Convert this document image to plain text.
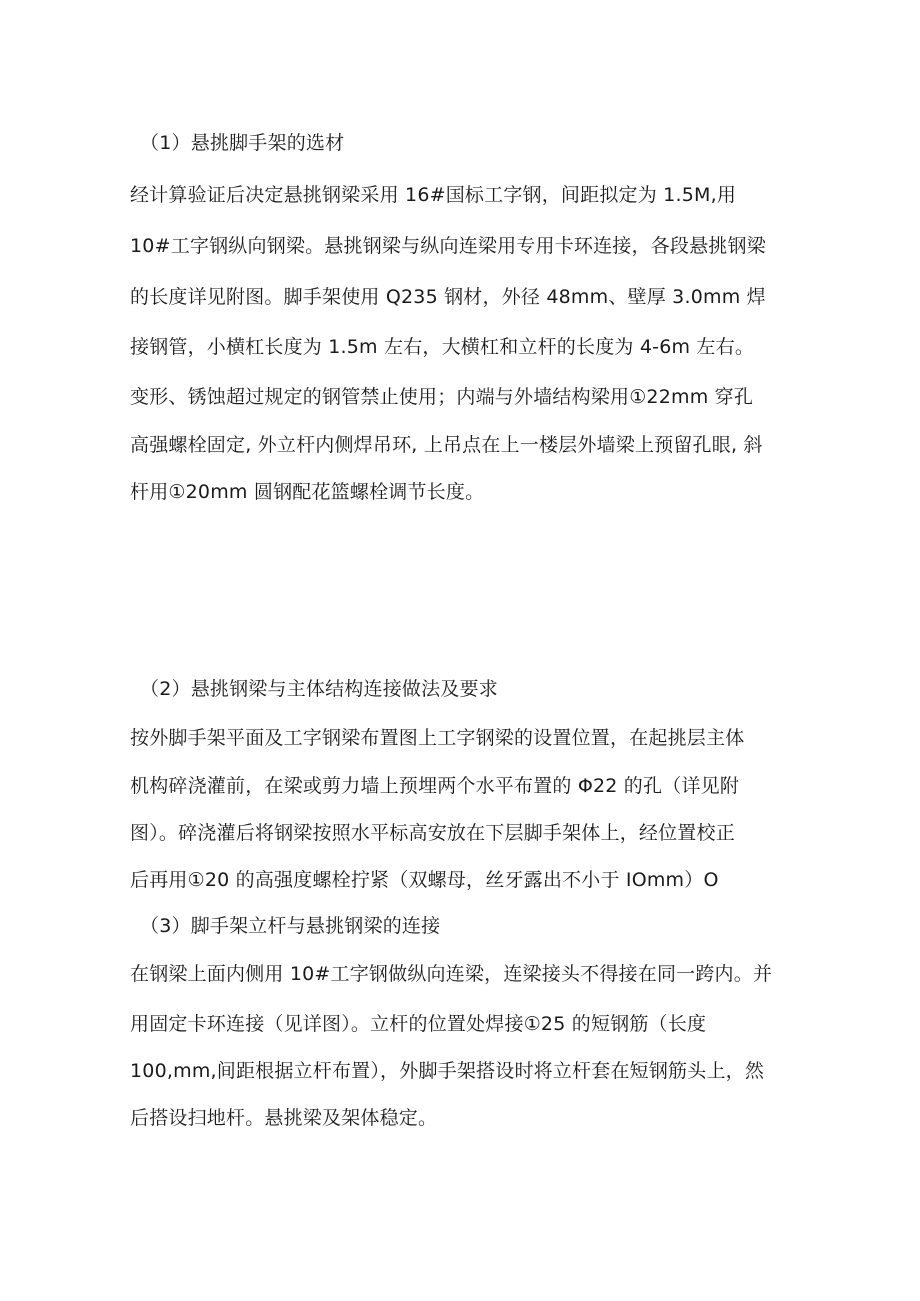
（1）悬挑脚手架的选材
经计算验证后决定悬挑钢梁采用 16#国标工字钢，间距拟定为 1.5M,用
10#工字钢纵向钢梁。悬挑钢梁与纵向连梁用专用卡环连接，各段悬挑钢梁
的长度详见附图。脚手架使用 Q235 钢材，外径 48mm、壁厚 3.0mm 焊
接钢管，小横杠长度为 1.5m 左右，大横杠和立杆的长度为 4-6m 左右。
变形、锈蚀超过规定的钢管禁止使用；内端与外墙结构梁用①22mm 穿孔
高强螺栓固定, 外立杆内侧焊吊环, 上吊点在上一楼层外墙梁上预留孔眼, 斜
杆用①20mm 圆钢配花篮螺栓调节长度。
（2）悬挑钢梁与主体结构连接做法及要求
按外脚手架平面及工字钢梁布置图上工字钢梁的设置位置，在起挑层主体
机构碎浇灌前，在梁或剪力墙上预埋两个水平布置的 Φ22 的孔（详见附
图）。碎浇灌后将钢梁按照水平标高安放在下层脚手架体上，经位置校正
后再用①20 的高强度螺栓拧紧（双螺母，丝牙露出不小于 IOmm）O
（3）脚手架立杆与悬挑钢梁的连接
在钢梁上面内侧用 10#工字钢做纵向连梁，连梁接头不得接在同一跨内。并
用固定卡环连接（见详图）。立杆的位置处焊接①25 的短钢筋（长度
100,mm,间距根据立杆布置），外脚手架搭设时将立杆套在短钢筋头上，然
后搭设扫地杆。悬挑梁及架体稳定。
